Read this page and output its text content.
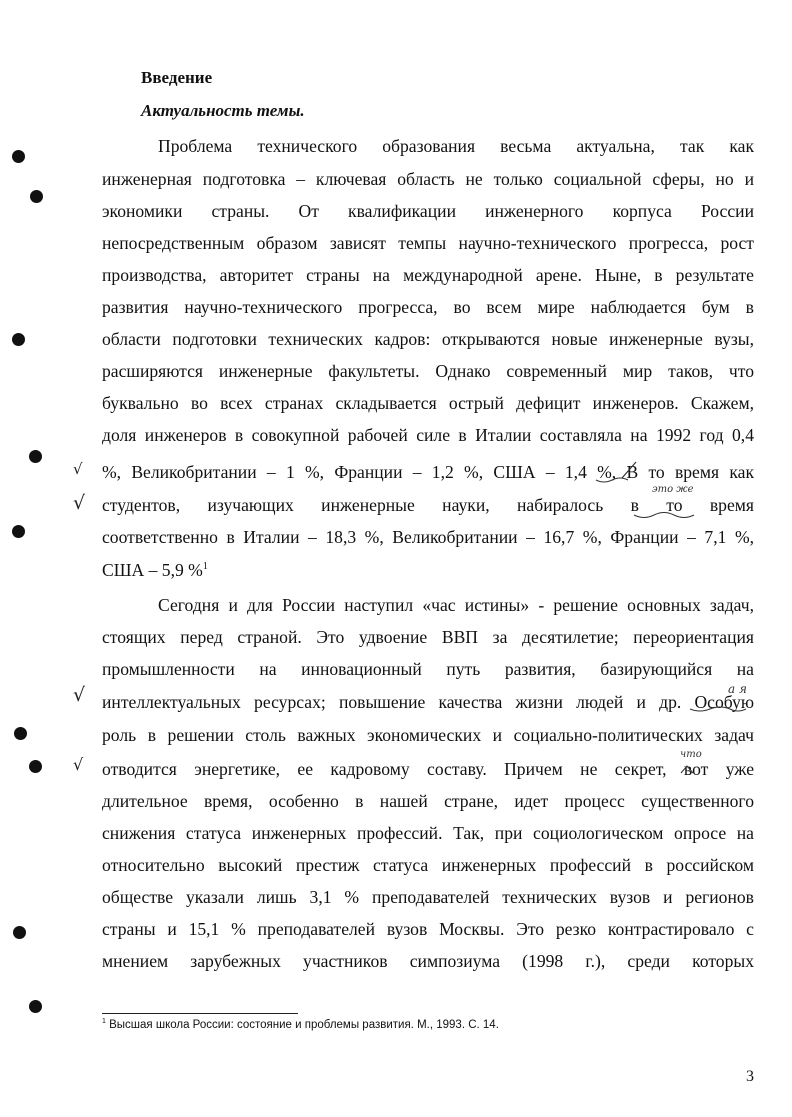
√
√
√
√
Введение
Актуальность темы.
Проблема технического образования весьма актуальна, так как
инженерная подготовка – ключевая область не только социальной сферы, но и
экономики страны. От квалификации инженерного корпуса России
непосредственным образом зависят темпы научно-технического прогресса, рост
производства, авторитет страны на международной арене. Ныне, в результате
развития научно-технического прогресса, во всем мире наблюдается бум в
области подготовки технических кадров: открываются новые инженерные вузы,
расширяются инженерные факультеты. Однако современный мир таков, что
буквально во всех странах складывается острый дефицит инженеров. Скажем,
доля инженеров в совокупной рабочей силе в Италии составляла на 1992 год 0,4
%, Великобритании – 1 %, Франции – 1,2 %, США – 1,4 %, В то время как
студентов, изучающих инженерные науки, набиралось в то время
соответственно в Италии – 18,3 %, Великобритании – 16,7 %, Франции – 7,1 %,
США – 5,9 %$^1$
Сегодня и для России наступил «час истины» - решение основных задач,
стоящих перед страной. Это удвоение ВВП за десятилетие; переориентация
промышленности на инновационный путь развития, базирующийся на
интеллектуальных ресурсах; повышение качества жизни людей и др. Особую
роль в решении столь важных экономических и социально-политических задач
отводится энергетике, ее кадровому составу. Причем не секрет, вот уже
длительное время, особенно в нашей стране, идет процесс существенного
снижения статуса инженерных профессий. Так, при социологическом опросе на
относительно высокий престиж статуса инженерных профессий в российском
обществе указали лишь 3,1 % преподавателей технических вузов и регионов
страны и 15,1 % преподавателей вузов Москвы. Это резко контрастировало с
мнением зарубежных участников симпозиума (1998 г.), среди которых
это же
а я
что
$^1$ Высшая школа России: состояние и проблемы развития. М., 1993. С. 14.
3
